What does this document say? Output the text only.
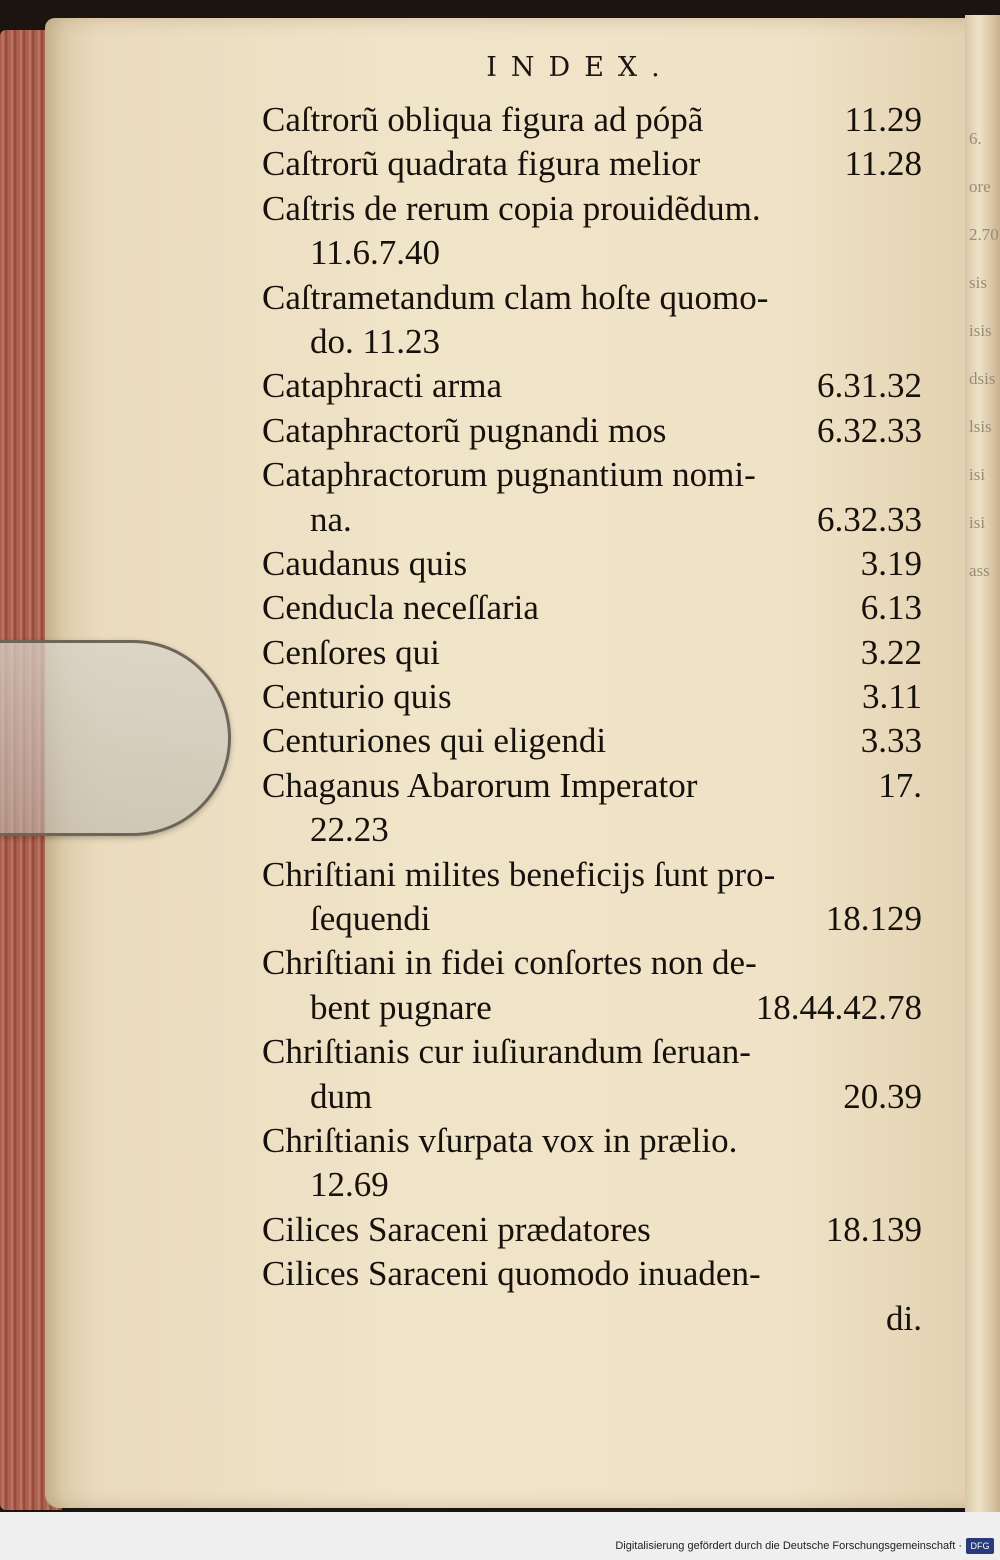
6.
ore
2.70
sis
isis
dsis
lsis
isi
isi
ass
INDEX.
Caſtrorũ obliqua figura ad pópã	11.29
Caſtrorũ quadrata figura melior	11.28
Caſtris de rerum copia prouidẽdum.
11.6.7.40
Caſtrametandum clam hoſte quomo-
do. 11.23
Cataphracti arma	6.31.32
Cataphractorũ pugnandi mos	6.32.33
Cataphractorum pugnantium nomi-
na.	6.32.33
Caudanus quis	3.19
Cenducla neceſſaria	6.13
Cenſores qui	3.22
Centurio quis	3.11
Centuriones qui eligendi	3.33
Chaganus Abarorum Imperator	17.
22.23
Chriſtiani milites beneficijs ſunt pro-
ſequendi	18.129
Chriſtiani in fidei conſortes non de-
bent pugnare	18.44.42.78
Chriſtianis cur iuſiurandum ſeruan-
dum	20.39
Chriſtianis vſurpata vox in prælio.
12.69
Cilices Saraceni prædatores	18.139
Cilices Saraceni quomodo inuaden-
di.
Digitalisierung gefördert durch die Deutsche Forschungsgemeinschaft · DFG
